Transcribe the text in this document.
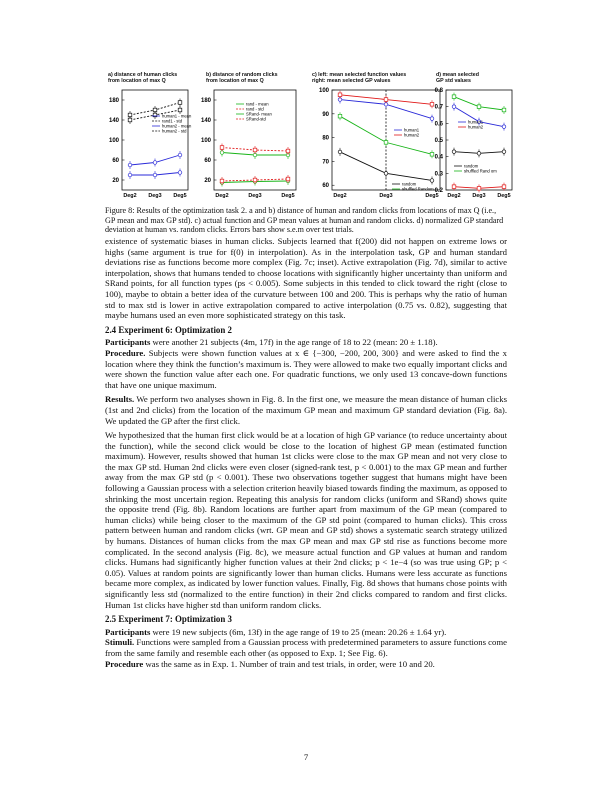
a) distance of human clicks
from location of max Q
b) distance of random clicks
from location of max Q
c) left: mean selected function values
right: mean selected GP values
d) mean selected
GP std values
20
60
100
140
180
Deg2 Deg3 Deg5
human1 - mean
rand1 - std
human2 - mean
human2 - std
20
60
100
140
180
Deg2	Deg3	Deg5
rand - mean
rand - std
SRand- mean
SRand-std
60
70
80
90
100
Deg2	Deg3	Deg5
human1
human2
random
shuffled Random 0.2
0.3
0.4
0.5
0.6
0.7
0.8
Deg2 Deg3 Deg5
human1
human2
random
shuffled Rand om
Figure 8: Results of the optimization task 2. a and b) distance of human and random clicks from locations of max Q (i.e., GP mean and max GP std). c) actual function and GP mean values at human and random clicks. d) normalized GP standard deviation at human vs. random clicks. Errors bars show s.e.m over test trials.

existence of systematic biases in human clicks. Subjects learned that f(200) did not happen on extreme lows or highs (same argument is true for f(0) in interpolation). As in the interpolation task, GP and human standard deviations rise as functions become more complex (Fig. 7c; inset). Active extrapolation (Fig. 7d), similar to active interpolation, shows that humans tended to choose locations with significantly higher uncertainty than uniform and SRand points, for all function types (ps < 0.005). Some subjects in this tended to click toward the right (close to 100), maybe to obtain a better idea of the curvature between 100 and 200. This is perhaps why the ratio of human std to max std is lower in active extrapolation compared to active interpolation (0.75 vs. 0.82), suggesting that maybe humans used an even more sophisticated strategy on this task.

2.4 Experiment 6: Optimization 2

Participants were another 21 subjects (4m, 17f) in the age range of 18 to 22 (mean: 20 ± 1.18).

Procedure. Subjects were shown function values at x ∈ {−300, −200, 200, 300} and were asked to find the x location where they think the function’s maximum is. They were allowed to make two equally important clicks and were shown the function value after each one. For quadratic functions, we only used 13 concave-down functions that have one unique maximum.

Results. We perform two analyses shown in Fig. 8. In the first one, we measure the mean distance of human clicks (1st and 2nd clicks) from the location of the maximum GP mean and maximum GP standard deviation (Fig. 8a). We updated the GP after the first click.

We hypothesized that the human first click would be at a location of high GP variance (to reduce uncertainty about the function), while the second click would be close to the location of highest GP mean (estimated function maximum). However, results showed that human 1st clicks were close to the max GP mean and not very close to the max GP std. Human 2nd clicks were even closer (signed-rank test, p < 0.001) to the max GP mean and further away from the max GP std (p < 0.001). These two observations together suggest that humans might have been following a Gaussian process with a selection criterion heavily biased towards finding the maximum, as opposed to shrinking the most uncertain region. Repeating this analysis for random clicks (uniform and SRand) shows quite the opposite trend (Fig. 8b). Random locations are further apart from maximum of the GP mean (compared to human clicks) while being closer to the maximum of the GP std point (compared to human clicks). This cross pattern between human and random clicks (wrt. GP mean and GP std) shows a systematic search strategy utilized by humans. Distances of human clicks from the max GP mean and max GP std rise as functions become more complicated. In the second analysis (Fig. 8c), we measure actual function and GP values at human and random clicks. Humans had significantly higher function values at their 2nd clicks; p < 1e−4 (so was true using GP; p < 0.05). Values at random points are significantly lower than human clicks. Humans were less accurate as functions became more complex, as indicated by lower function values. Finally, Fig. 8d shows that humans chose points with significantly less std (normalized to the entire function) in their 2nd clicks compared to random and first clicks. Human 1st clicks have higher std than uniform random clicks.

2.5 Experiment 7: Optimization 3

Participants were 19 new subjects (6m, 13f) in the age range of 19 to 25 (mean: 20.26 ± 1.64 yr).

Stimuli. Functions were sampled from a Gaussian process with predetermined parameters to assure functions come from the same family and resemble each other (as opposed to Exp. 1; See Fig. 6).

Procedure was the same as in Exp. 1. Number of train and test trials, in order, were 10 and 20.

7
